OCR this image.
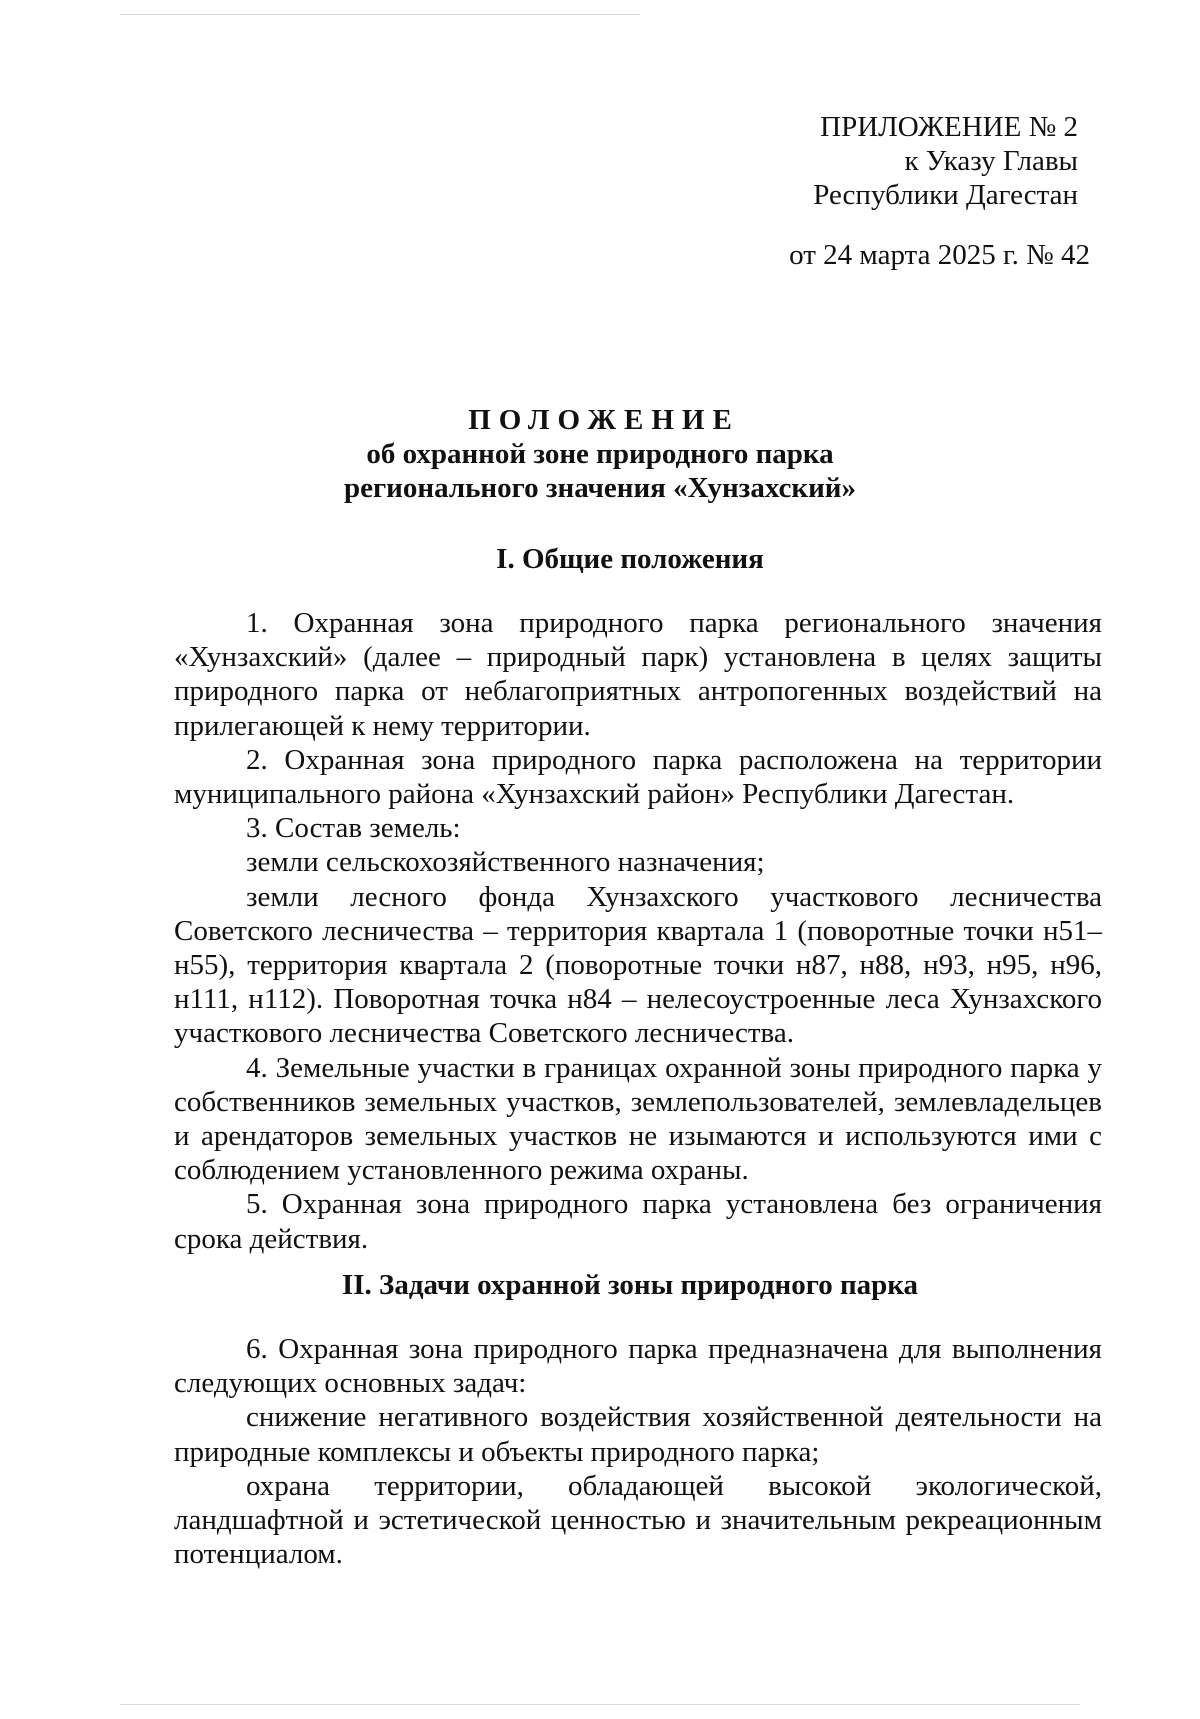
ПРИЛОЖЕНИЕ № 2
к Указу Главы
Республики Дагестан
от 24 марта 2025 г. № 42
ПОЛОЖЕНИЕ
об охранной зоне природного парка
регионального значения «Хунзахский»
I. Общие положения

1. Охранная зона природного парка регионального значения «Хунзахский» (далее – природный парк) установлена в целях защиты природного парка от неблагоприятных антропогенных воздействий на прилегающей к нему территории.

2. Охранная зона природного парка расположена на территории муниципального района «Хунзахский район» Республики Дагестан.

3. Состав земель:

земли сельскохозяйственного назначения;

земли лесного фонда Хунзахского участкового лесничества Советского лесничества – территория квартала 1 (поворотные точки н51–н55), территория квартала 2 (поворотные точки н87, н88, н93, н95, н96, н111, н112). Поворотная точка н84 – нелесоустроенные леса Хунзахского участкового лесничества Советского лесничества.

4. Земельные участки в границах охранной зоны природного парка у собственников земельных участков, землепользователей, землевладельцев и арендаторов земельных участков не изымаются и используются ими с соблюдением установленного режима охраны.

5. Охранная зона природного парка установлена без ограничения срока действия.

II. Задачи охранной зоны природного парка

6. Охранная зона природного парка предназначена для выполнения следующих основных задач:

снижение негативного воздействия хозяйственной деятельности на природные комплексы и объекты природного парка;

охрана территории, обладающей высокой экологической, ландшафтной и эстетической ценностью и значительным рекреационным потенциалом.
